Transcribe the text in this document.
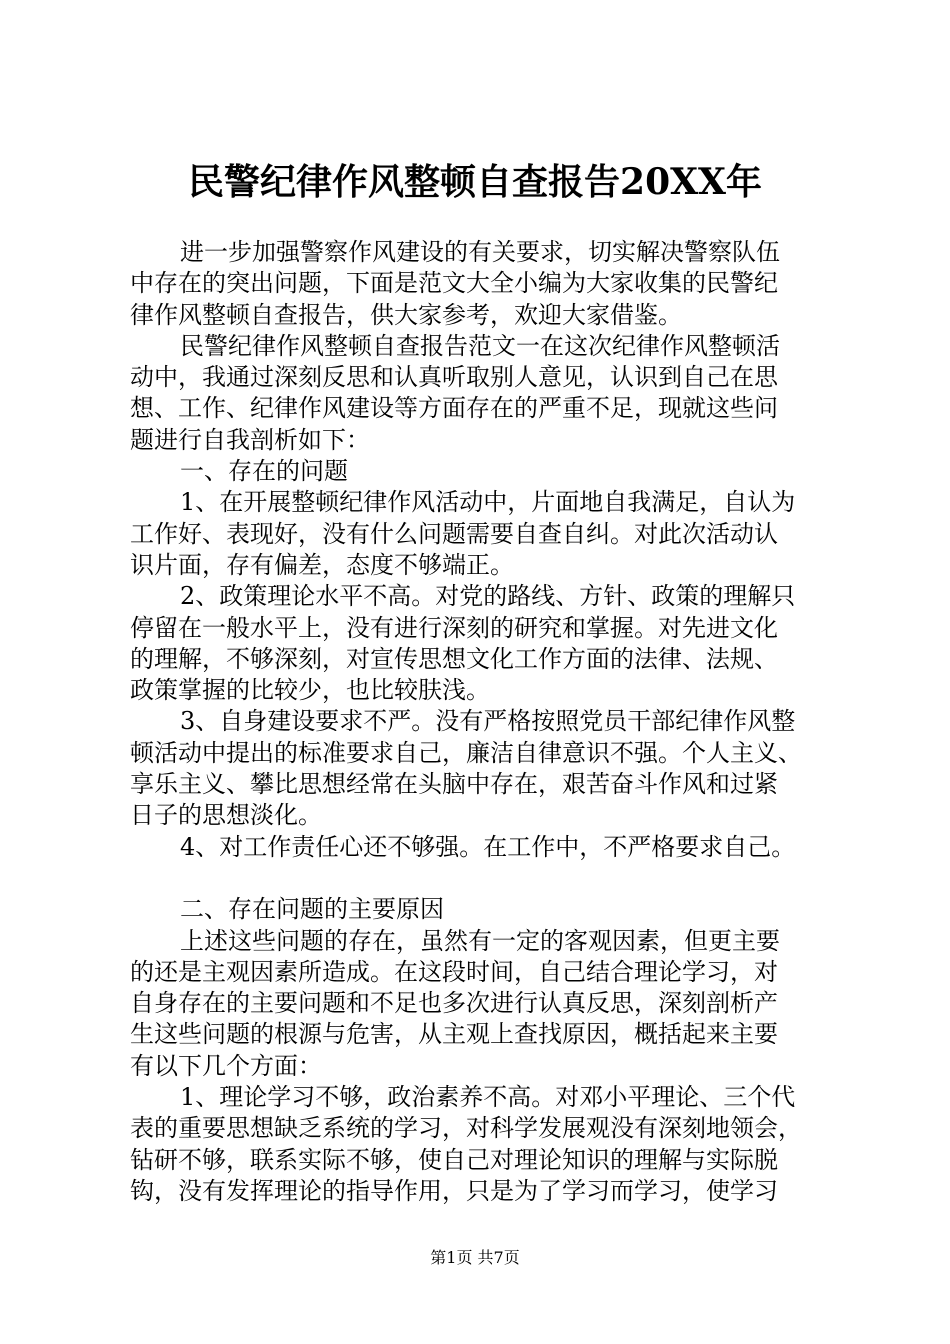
民警纪律作风整顿自查报告20XX年
进一步加强警察作风建设的有关要求，切实解决警察队伍
中存在的突出问题，下面是范文大全小编为大家收集的民警纪
律作风整顿自查报告，供大家参考，欢迎大家借鉴。
民警纪律作风整顿自查报告范文一在这次纪律作风整顿活
动中，我通过深刻反思和认真听取别人意见，认识到自己在思
想、工作、纪律作风建设等方面存在的严重不足，现就这些问
题进行自我剖析如下：
一、存在的问题
1、在开展整顿纪律作风活动中，片面地自我满足，自认为
工作好、表现好，没有什么问题需要自查自纠。对此次活动认
识片面，存有偏差，态度不够端正。
2、政策理论水平不高。对党的路线、方针、政策的理解只
停留在一般水平上，没有进行深刻的研究和掌握。对先进文化
的理解，不够深刻，对宣传思想文化工作方面的法律、法规、
政策掌握的比较少，也比较肤浅。
3、自身建设要求不严。没有严格按照党员干部纪律作风整
顿活动中提出的标准要求自己，廉洁自律意识不强。个人主义、
享乐主义、攀比思想经常在头脑中存在，艰苦奋斗作风和过紧
日子的思想淡化。
4、对工作责任心还不够强。在工作中，不严格要求自己。
二、存在问题的主要原因
上述这些问题的存在，虽然有一定的客观因素，但更主要
的还是主观因素所造成。在这段时间，自己结合理论学习，对
自身存在的主要问题和不足也多次进行认真反思，深刻剖析产
生这些问题的根源与危害，从主观上查找原因，概括起来主要
有以下几个方面：
1、理论学习不够，政治素养不高。对邓小平理论、三个代
表的重要思想缺乏系统的学习，对科学发展观没有深刻地领会，
钻研不够，联系实际不够，使自己对理论知识的理解与实际脱
钩，没有发挥理论的指导作用，只是为了学习而学习，使学习
第1页 共7页
